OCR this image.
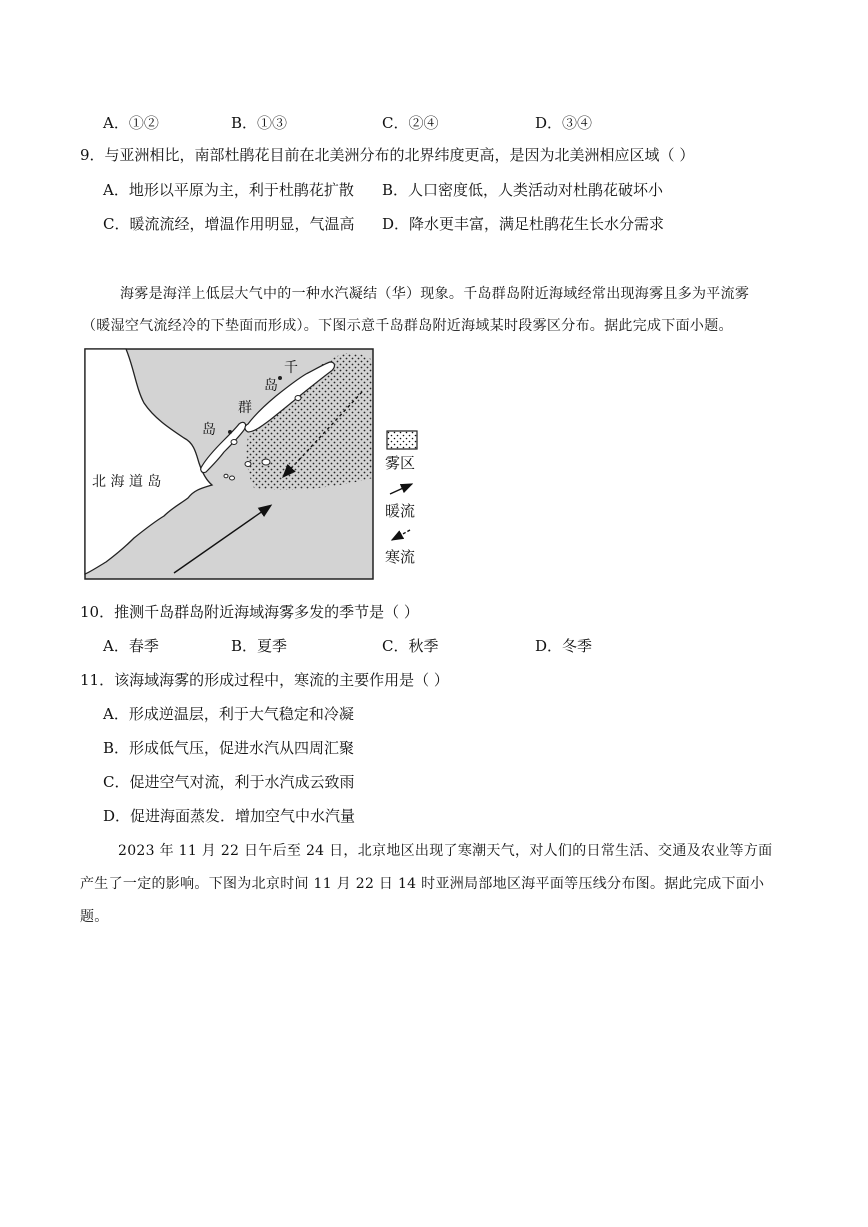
A．①②	B．①③	C．②④	D．③④
9．与亚洲相比，南部杜鹃花目前在北美洲分布的北界纬度更高，是因为北美洲相应区域（ ）
A．地形以平原为主，利于杜鹃花扩散 B．人口密度低，人类活动对杜鹃花破坏小
C．暖流流经，增温作用明显，气温高 D．降水更丰富，满足杜鹃花生长水分需求
海雾是海洋上低层大气中的一种水汽凝结（华）现象。千岛群岛附近海域经常出现海雾且多为平流雾
（暖湿空气流经冷的下垫面而形成）。下图示意千岛群岛附近海域某时段雾区分布。据此完成下面小题。
千
岛
群
岛
北 海 道 岛
雾区
暖流
寒流
10．推测千岛群岛附近海域海雾多发的季节是（ ）
A．春季	B．夏季	C．秋季	D．冬季
11．该海域海雾的形成过程中，寒流的主要作用是（ ）
A．形成逆温层，利于大气稳定和冷凝
B．形成低气压，促进水汽从四周汇聚
C．促进空气对流，利于水汽成云致雨
D．促进海面蒸发．增加空气中水汽量
2023 年 11 月 22 日午后至 24 日，北京地区出现了寒潮天气，对人们的日常生活、交通及农业等方面
产生了一定的影响。下图为北京时间 11 月 22 日 14 时亚洲局部地区海平面等压线分布图。据此完成下面小
题。
